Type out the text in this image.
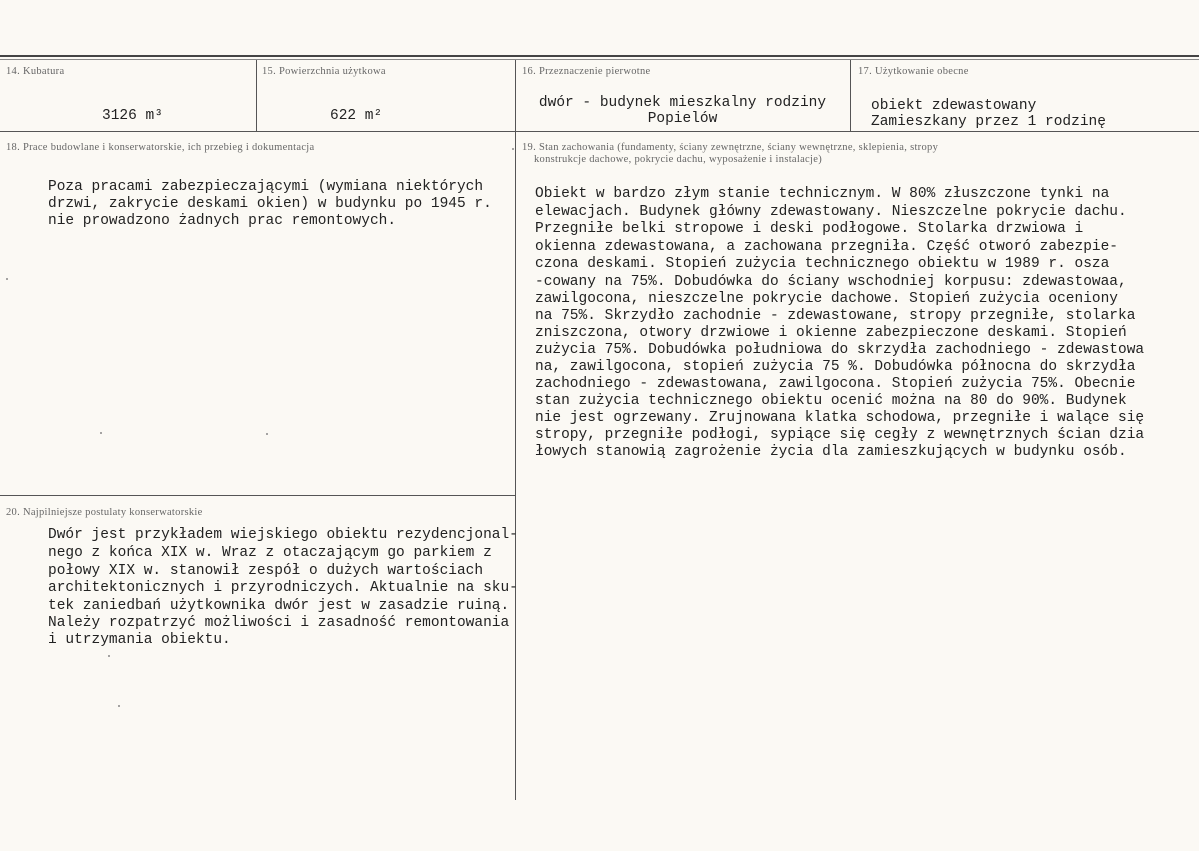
14. Kubatura
3126 m³
15. Powierzchnia użytkowa
622 m²
16. Przeznaczenie pierwotne
dwór - budynek mieszkalny rodziny
Popielów
17. Użytkowanie obecne
obiekt zdewastowany
Zamieszkany przez 1 rodzinę
18. Prace budowlane i konserwatorskie, ich przebieg i dokumentacja
Poza pracami zabezpieczającymi (wymiana niektórych
drzwi, zakrycie deskami okien) w budynku po 1945 r.
nie prowadzono żadnych prac remontowych.
19. Stan zachowania (fundamenty, ściany zewnętrzne, ściany wewnętrzne, sklepienia, stropy
konstrukcje dachowe, pokrycie dachu, wyposażenie i instalacje)
Obiekt w bardzo złym stanie technicznym. W 80% złuszczone tynki na
elewacjach. Budynek główny zdewastowany. Nieszczelne pokrycie dachu.
Przegniłe belki stropowe i deski podłogowe. Stolarka drzwiowa i
okienna zdewastowana, a zachowana przegniła. Część otworó zabezpie-
czona deskami. Stopień zużycia technicznego obiektu w 1989 r. osza
-cowany na 75%. Dobudówka do ściany wschodniej korpusu: zdewastowaa,
zawilgocona, nieszczelne pokrycie dachowe. Stopień zużycia oceniony
na 75%. Skrzydło zachodnie - zdewastowane, stropy przegniłe, stolarka
zniszczona, otwory drzwiowe i okienne zabezpieczone deskami. Stopień
zużycia 75%. Dobudówka południowa do skrzydła zachodniego - zdewastowa
na, zawilgocona, stopień zużycia 75 %. Dobudówka północna do skrzydła
zachodniego - zdewastowana, zawilgocona. Stopień zużycia 75%. Obecnie
stan zużycia technicznego obiektu ocenić można na 80 do 90%. Budynek
nie jest ogrzewany. Zrujnowana klatka schodowa, przegniłe i walące się
stropy, przegniłe podłogi, sypiące się cegły z wewnętrznych ścian dzia
łowych stanowią zagrożenie życia dla zamieszkujących w budynku osób.
20. Najpilniejsze postulaty konserwatorskie
Dwór jest przykładem wiejskiego obiektu rezydencjonal-
nego z końca XIX w. Wraz z otaczającym go parkiem z
połowy XIX w. stanowił zespół o dużych wartościach
architektonicznych i przyrodniczych. Aktualnie na sku-
tek zaniedbań użytkownika dwór jest w zasadzie ruiną.
Należy rozpatrzyć możliwości i zasadność remontowania
i utrzymania obiektu.
